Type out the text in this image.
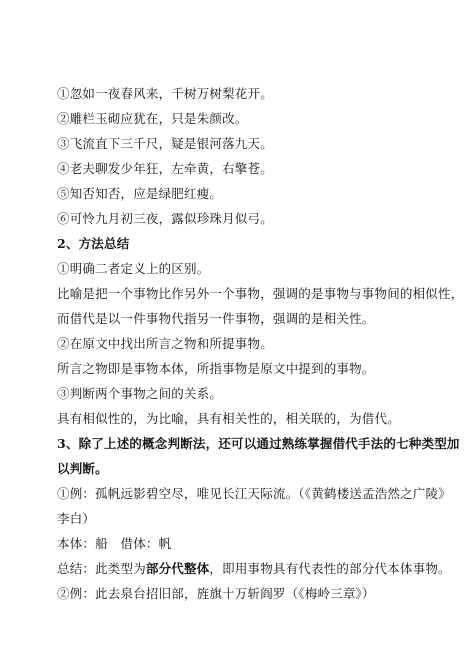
①忽如一夜春风来，千树万树梨花开。
②雕栏玉砌应犹在，只是朱颜改。
③飞流直下三千尺，疑是银河落九天。
④老夫聊发少年狂，左牵黄，右擎苍。
⑤知否知否，应是绿肥红瘦。
⑥可怜九月初三夜，露似珍珠月似弓。
2、方法总结
①明确二者定义上的区别。
比喻是把一个事物比作另外一个事物，强调的是事物与事物间的相似性，
而借代是以一件事物代指另一件事物，强调的是相关性。
②在原文中找出所言之物和所提事物。
所言之物即是事物本体，所指事物是原文中提到的事物。
③判断两个事物之间的关系。
具有相似性的，为比喻，具有相关性的，相关联的，为借代。
3、除了上述的概念判断法，还可以通过熟练掌握借代手法的七种类型加
以判断。
①例：孤帆远影碧空尽，唯见长江天际流。（《黄鹤楼送孟浩然之广陵》
李白）
本体：船　借体：帆
总结：此类型为部分代整体，即用事物具有代表性的部分代本体事物。
②例：此去泉台招旧部，旌旗十万斩阎罗（《梅岭三章》）
